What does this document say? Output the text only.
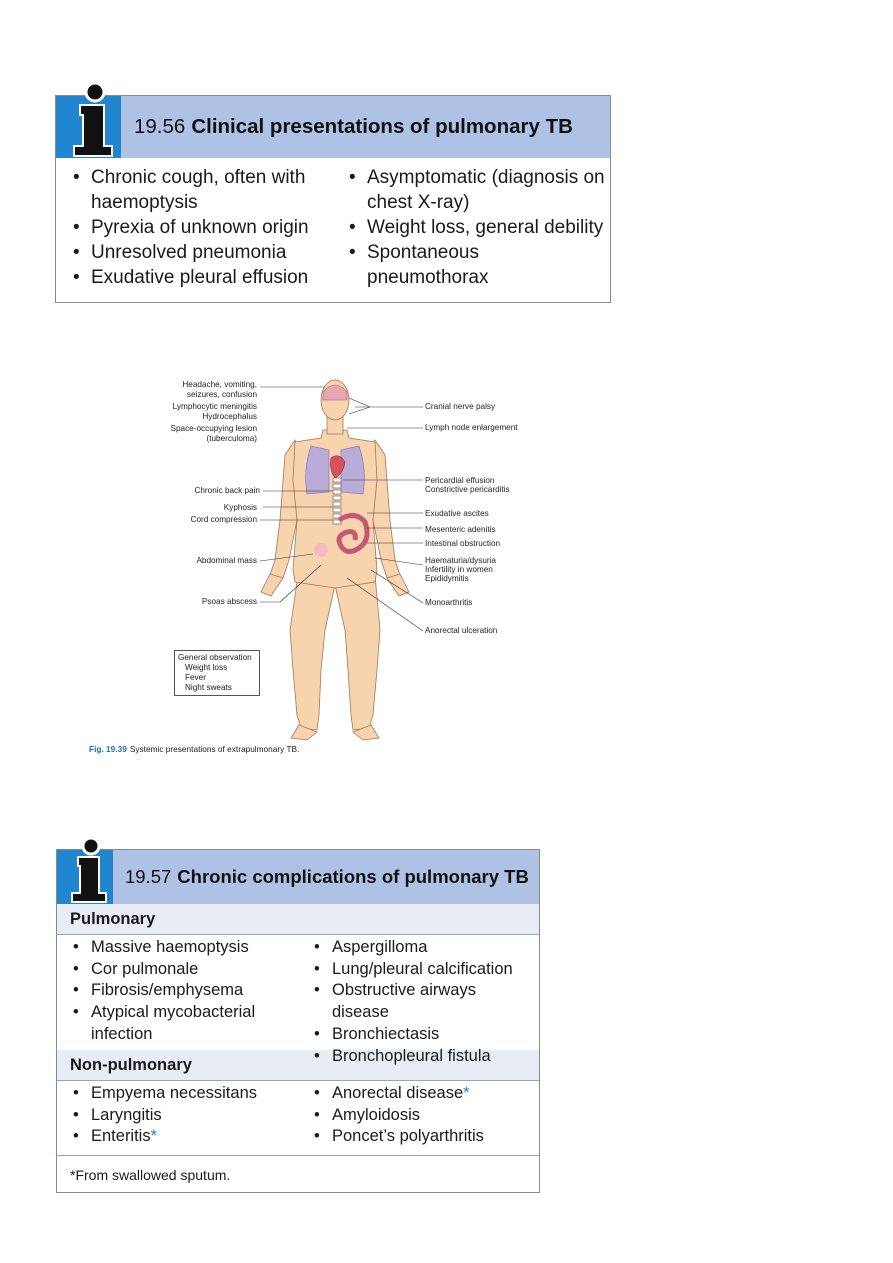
19.56 Clinical presentations of pulmonary TB
• Chronic cough, often with haemoptysis
• Pyrexia of unknown origin
• Unresolved pneumonia
• Exudative pleural effusion
• Asymptomatic (diagnosis on chest X-ray)
• Weight loss, general debility
• Spontaneous pneumothorax
Headache, vomiting,
seizures, confusion
Lymphocytic meningitis
Hydrocephalus
Space-occupying lesion
(tuberculoma)
Chronic back pain
Kyphosis
Cord compression
Abdominal mass
Psoas abscess
Cranial nerve palsy
Lymph node enlargement
Pericardial effusion
Constrictive pericarditis
Exudative ascites
Mesenteric adenitis
Intestinal obstruction
Haematuria/dysuria
Infertility in women
Epididymitis
Monoarthritis
Anorectal ulceration
General observation
Weight loss
Fever
Night sweats
Fig. 19.39 Systemic presentations of extrapulmonary TB.
19.57 Chronic complications of pulmonary TB
Pulmonary
• Massive haemoptysis
• Cor pulmonale
• Fibrosis/emphysema
• Atypical mycobacterial infection
• Aspergilloma
• Lung/pleural calcification
• Obstructive airways disease
• Bronchiectasis
• Bronchopleural fistula
Non-pulmonary
• Empyema necessitans
• Laryngitis
• Enteritis*
• Anorectal disease*
• Amyloidosis
• Poncet’s polyarthritis
*From swallowed sputum.
